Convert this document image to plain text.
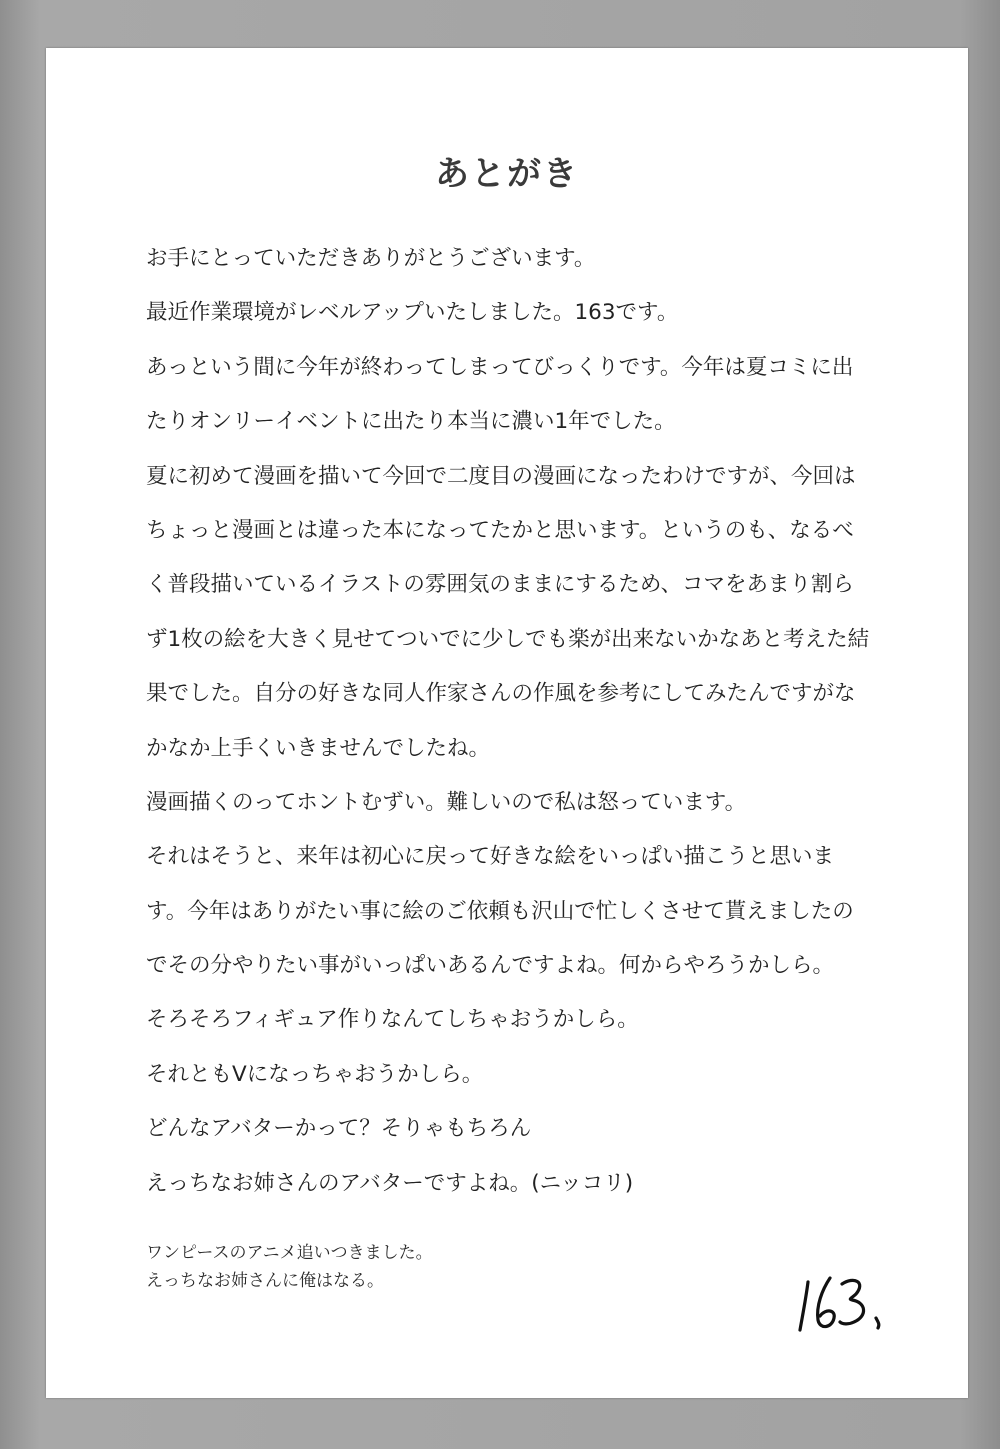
あとがき
お手にとっていただきありがとうございます。
最近作業環境がレベルアップいたしました。163です。
あっという間に今年が終わってしまってびっくりです。今年は夏コミに出
たりオンリーイベントに出たり本当に濃い1年でした。
夏に初めて漫画を描いて今回で二度目の漫画になったわけですが、今回は
ちょっと漫画とは違った本になってたかと思います。というのも、なるべ
く普段描いているイラストの雰囲気のままにするため、コマをあまり割ら
ず1枚の絵を大きく見せてついでに少しでも楽が出来ないかなあと考えた結
果でした。自分の好きな同人作家さんの作風を参考にしてみたんですがな
かなか上手くいきませんでしたね。
漫画描くのってホントむずい。難しいので私は怒っています。
それはそうと、来年は初心に戻って好きな絵をいっぱい描こうと思いま
す。今年はありがたい事に絵のご依頼も沢山で忙しくさせて貰えましたの
でその分やりたい事がいっぱいあるんですよね。何からやろうかしら。
そろそろフィギュア作りなんてしちゃおうかしら。
それともVになっちゃおうかしら。
どんなアバターかって？そりゃもちろん
えっちなお姉さんのアバターですよね。(ニッコリ)
ワンピースのアニメ追いつきました。
えっちなお姉さんに俺はなる。
